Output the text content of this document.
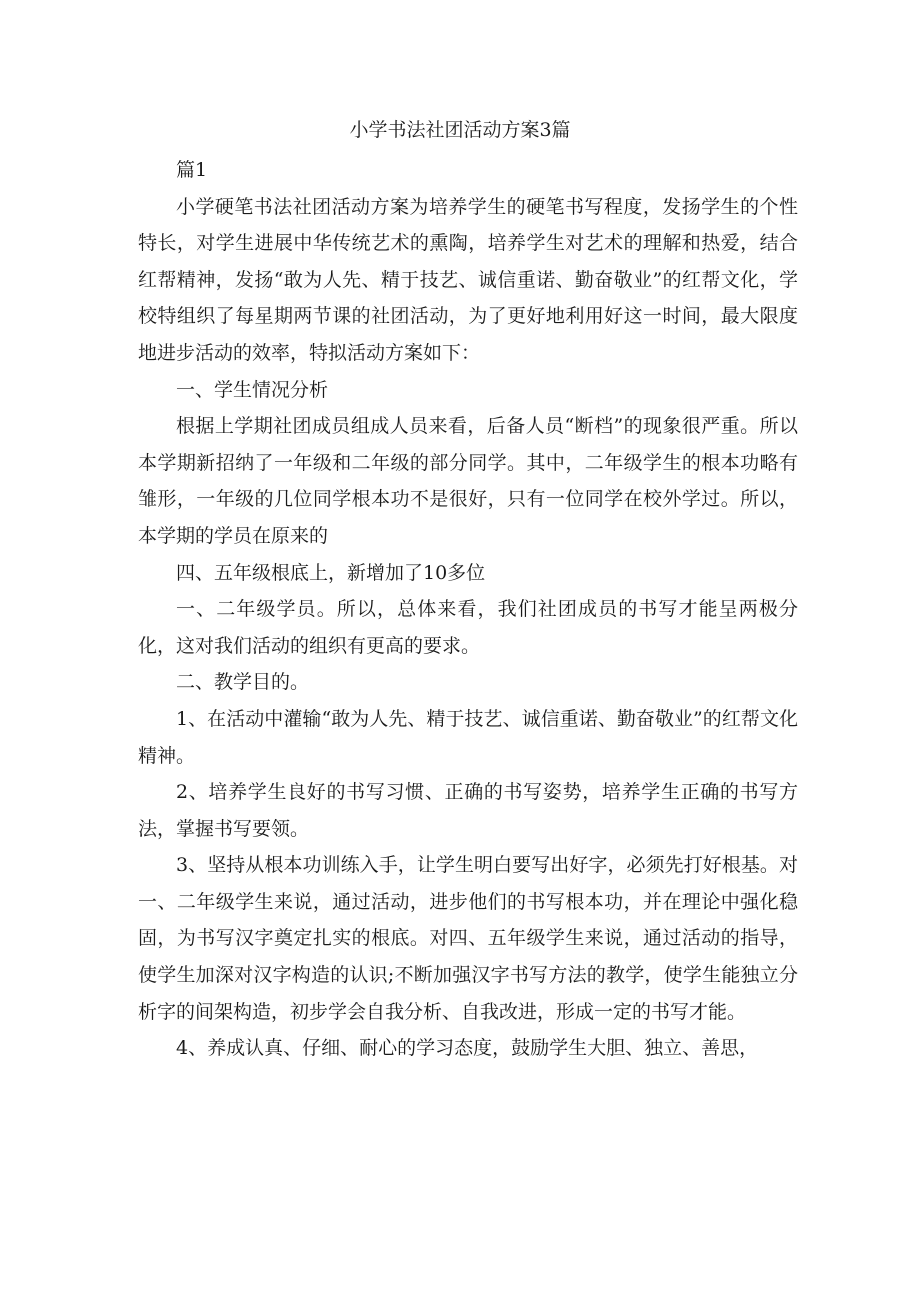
小学书法社团活动方案3篇

篇1

小学硬笔书法社团活动方案为培养学生的硬笔书写程度，发扬学生的个性特长，对学生进展中华传统艺术的熏陶，培养学生对艺术的理解和热爱，结合红帮精神，发扬“敢为人先、精于技艺、诚信重诺、勤奋敬业”的红帮文化，学校特组织了每星期两节课的社团活动，为了更好地利用好这一时间，最大限度地进步活动的效率，特拟活动方案如下：

一、学生情况分析

根据上学期社团成员组成人员来看，后备人员“断档”的现象很严重。所以本学期新招纳了一年级和二年级的部分同学。其中，二年级学生的根本功略有雏形，一年级的几位同学根本功不是很好，只有一位同学在校外学过。所以，本学期的学员在原来的

四、五年级根底上，新增加了10多位

一、二年级学员。所以，总体来看，我们社团成员的书写才能呈两极分化，这对我们活动的组织有更高的要求。

二、教学目的。

1、在活动中灌输“敢为人先、精于技艺、诚信重诺、勤奋敬业”的红帮文化精神。

2、培养学生良好的书写习惯、正确的书写姿势，培养学生正确的书写方法，掌握书写要领。

3、坚持从根本功训练入手，让学生明白要写出好字，必须先打好根基。对一、二年级学生来说，通过活动，进步他们的书写根本功，并在理论中强化稳固，为书写汉字奠定扎实的根底。对四、五年级学生来说，通过活动的指导，使学生加深对汉字构造的认识;不断加强汉字书写方法的教学，使学生能独立分析字的间架构造，初步学会自我分析、自我改进，形成一定的书写才能。

4、养成认真、仔细、耐心的学习态度，鼓励学生大胆、独立、善思，
